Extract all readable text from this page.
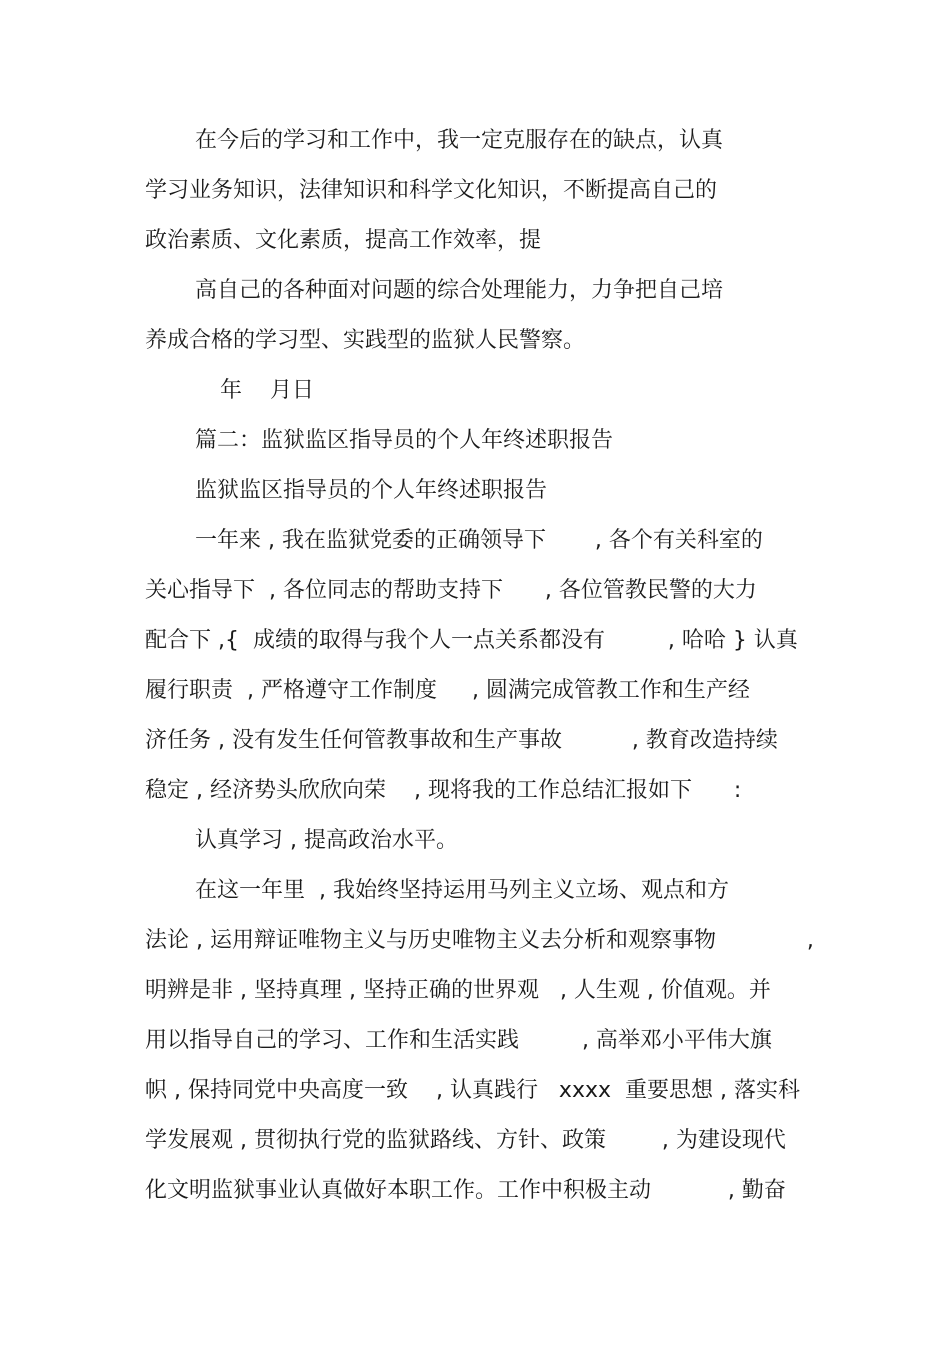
在今后的学习和工作中，我一定克服存在的缺点，认真

学习业务知识，法律知识和科学文化知识，不断提高自己的

政治素质、文化素质，提高工作效率，提

高自己的各种面对问题的综合处理能力，力争把自己培

养成合格的学习型、实践型的监狱人民警察。

年    月日

篇二：监狱监区指导员的个人年终述职报告

监狱监区指导员的个人年终述职报告

一年来 , 我在监狱党委的正确领导下       , 各个有关科室的

关心指导下  , 各位同志的帮助支持下      , 各位管教民警的大力

配合下 ,{  成绩的取得与我个人一点关系都没有         , 哈哈 } 认真

履行职责  , 严格遵守工作制度     , 圆满完成管教工作和生产经

济任务 , 没有发生任何管教事故和生产事故          , 教育改造持续

稳定 , 经济势头欣欣向荣    , 现将我的工作总结汇报如下      :

认真学习 , 提高政治水平。

在这一年里  , 我始终坚持运用马列主义立场、观点和方

法论 , 运用辩证唯物主义与历史唯物主义去分析和观察事物             ,

明辨是非 , 坚持真理 , 坚持正确的世界观   , 人生观 , 价值观。并

用以指导自己的学习、工作和生活实践         , 高举邓小平伟大旗

帜 , 保持同党中央高度一致    , 认真践行   xxxx  重要思想 , 落实科

学发展观 , 贯彻执行党的监狱路线、方针、政策        , 为建设现代

化文明监狱事业认真做好本职工作。工作中积极主动           , 勤奋
